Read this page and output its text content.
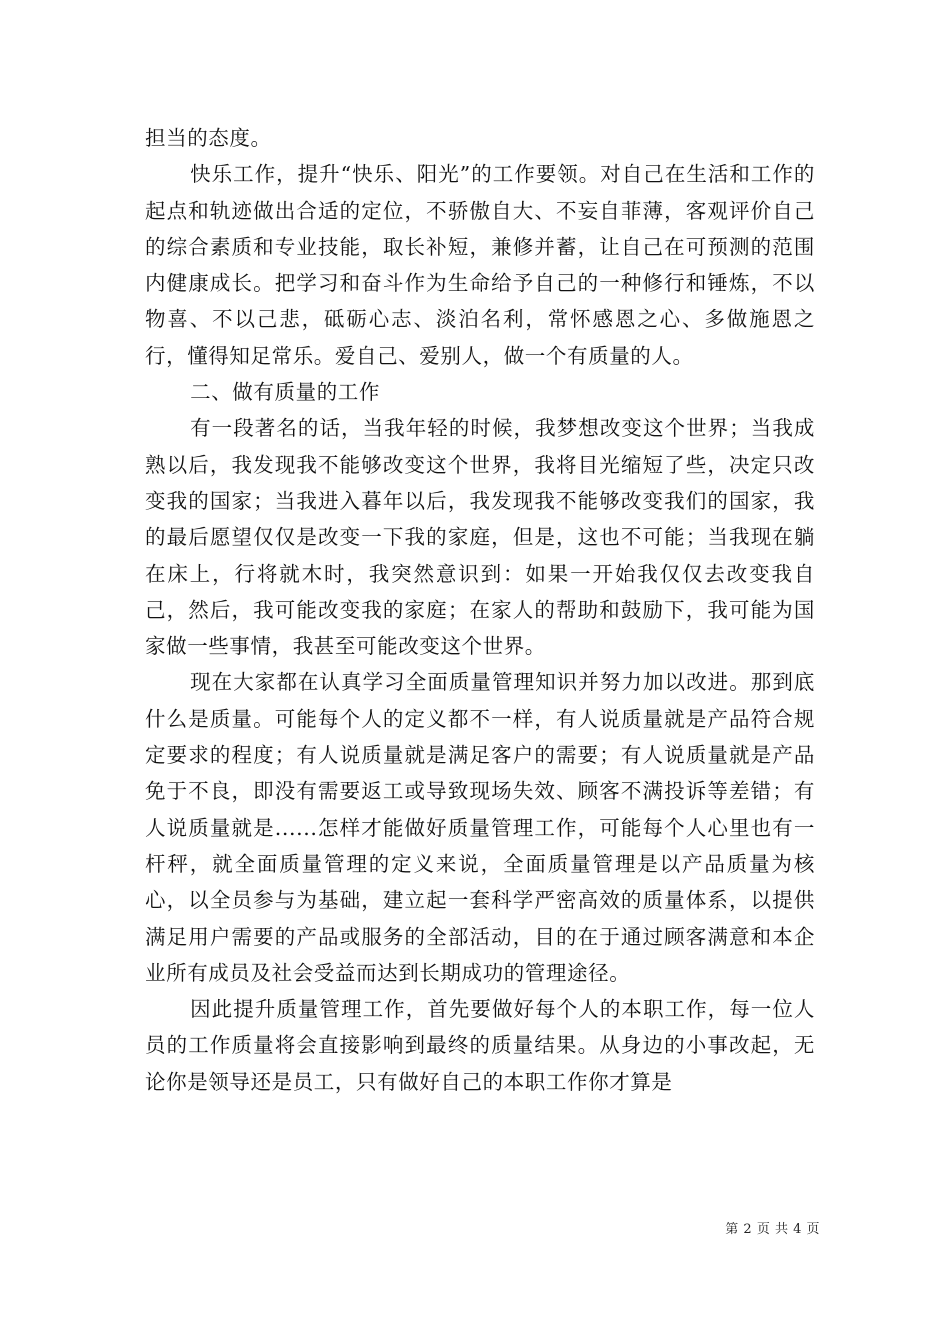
担当的态度。

快乐工作，提升“快乐、阳光”的工作要领。对自己在生活和工作的起点和轨迹做出合适的定位，不骄傲自大、不妄自菲薄，客观评价自己的综合素质和专业技能，取长补短，兼修并蓄，让自己在可预测的范围内健康成长。把学习和奋斗作为生命给予自己的一种修行和锤炼，不以物喜、不以己悲，砥砺心志、淡泊名利，常怀感恩之心、多做施恩之行，懂得知足常乐。爱自己、爱别人，做一个有质量的人。

二、做有质量的工作

有一段著名的话，当我年轻的时候，我梦想改变这个世界；当我成熟以后，我发现我不能够改变这个世界，我将目光缩短了些，决定只改变我的国家；当我进入暮年以后，我发现我不能够改变我们的国家，我的最后愿望仅仅是改变一下我的家庭，但是，这也不可能；当我现在躺在床上，行将就木时，我突然意识到：如果一开始我仅仅去改变我自己，然后，我可能改变我的家庭；在家人的帮助和鼓励下，我可能为国家做一些事情，我甚至可能改变这个世界。

现在大家都在认真学习全面质量管理知识并努力加以改进。那到底什么是质量。可能每个人的定义都不一样，有人说质量就是产品符合规定要求的程度；有人说质量就是满足客户的需要；有人说质量就是产品免于不良，即没有需要返工或导致现场失效、顾客不满投诉等差错；有人说质量就是......怎样才能做好质量管理工作，可能每个人心里也有一杆秤，就全面质量管理的定义来说，全面质量管理是以产品质量为核心，以全员参与为基础，建立起一套科学严密高效的质量体系，以提供满足用户需要的产品或服务的全部活动，目的在于通过顾客满意和本企业所有成员及社会受益而达到长期成功的管理途径。

因此提升质量管理工作，首先要做好每个人的本职工作，每一位人员的工作质量将会直接影响到最终的质量结果。从身边的小事改起，无论你是领导还是员工，只有做好自己的本职工作你才算是

第 2 页 共 4 页
